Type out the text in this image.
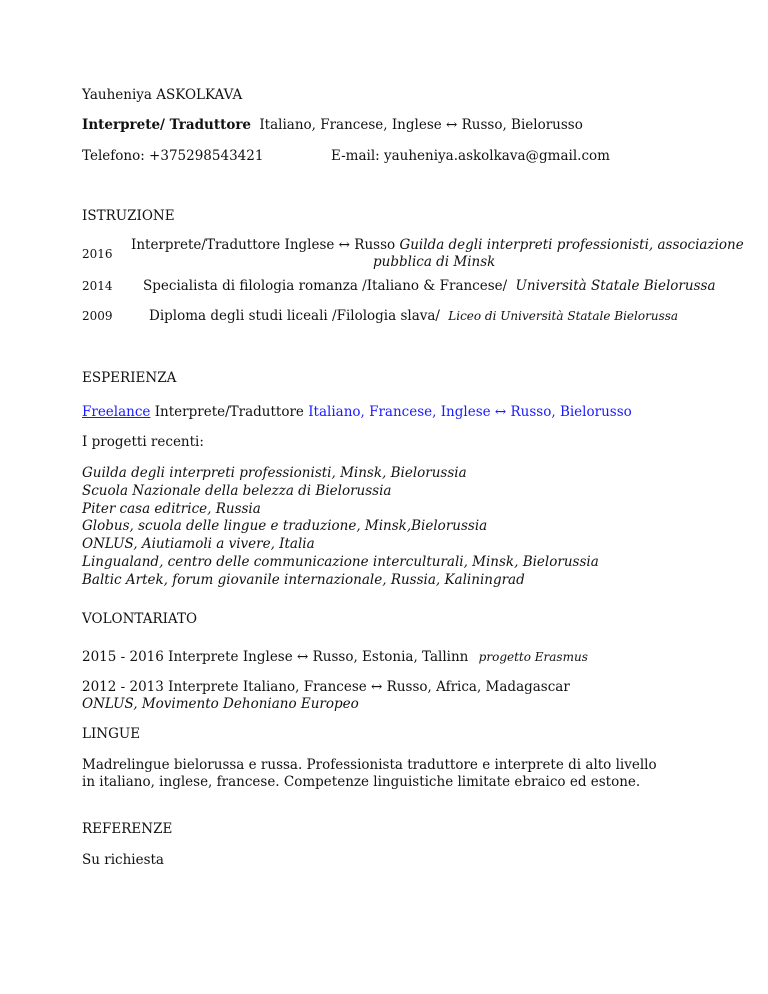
Yauheniya ASKOLKAVA
Interprete/ Traduttore Italiano, Francese, Inglese ↔ Russo, Bielorusso
Telefono: +375298543421	E-mail: yauheniya.askolkava@gmail.com
ISTRUZIONE
2016
Interprete/Traduttore Inglese ↔ Russo Guilda degli interpreti professionisti, associazione
pubblica di Minsk
2014 Specialista di filologia romanza /Italiano & Francese/ Università Statale Bielorussa
2009	Diploma degli studi liceali /Filologia slava/ Liceo di Università Statale Bielorussa
ESPERIENZA
Freelance Interprete/Traduttore Italiano, Francese, Inglese ↔ Russo, Bielorusso
I progetti recenti:
Guilda degli interpreti professionisti, Minsk, Bielorussia
Scuola Nazionale della belezza di Bielorussia
Piter casa editrice, Russia
Globus, scuola delle lingue e traduzione, Minsk,Bielorussia
ONLUS, Aiutiamoli a vivere, Italia
Lingualand, centro delle communicazione interculturali, Minsk, Bielorussia
Baltic Artek, forum giovanile internazionale, Russia, Kaliningrad
VOLONTARIATO
2015 - 2016 Interprete Inglese ↔ Russo, Estonia, Tallinn progetto Erasmus
2012 - 2013 Interprete Italiano, Francese ↔ Russo, Africa, Madagascar
ONLUS, Movimento Dehoniano Europeo
LINGUE
Madrelingue bielorussa e russa. Professionista traduttore e interprete di alto livello
in italiano, inglese, francese. Competenze linguistiche limitate ebraico ed estone.
REFERENZE
Su richiesta
